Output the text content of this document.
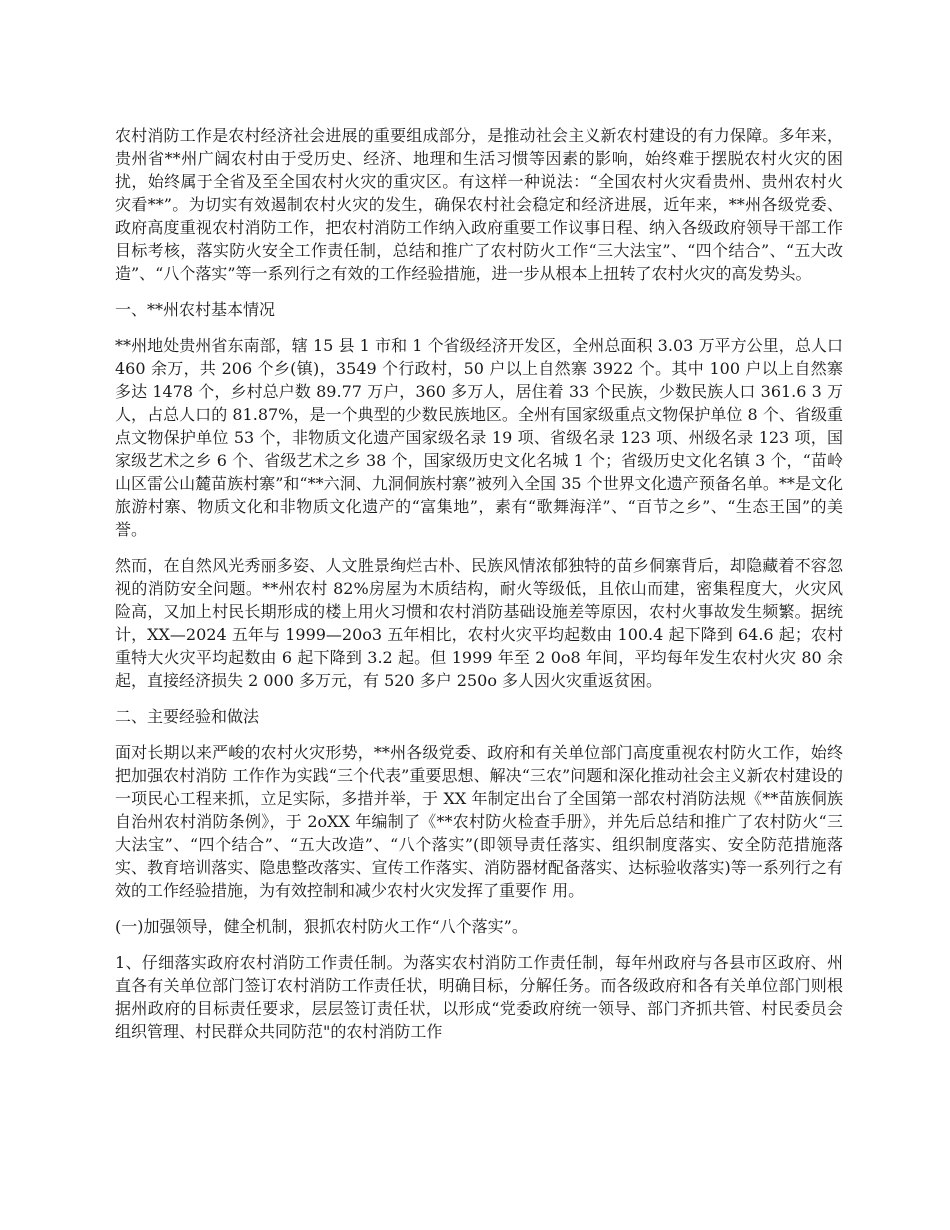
农村消防工作是农村经济社会进展的重要组成部分，是推动社会主义新农村建设的有力保障。多年来，贵州省**州广阔农村由于受历史、经济、地理和生活习惯等因素的影响，始终难于摆脱农村火灾的困扰，始终属于全省及至全国农村火灾的重灾区。有这样一种说法：“全国农村火灾看贵州、贵州农村火灾看**”。为切实有效遏制农村火灾的发生，确保农村社会稳定和经济进展，近年来，**州各级党委、政府高度重视农村消防工作，把农村消防工作纳入政府重要工作议事日程、纳入各级政府领导干部工作目标考核，落实防火安全工作责任制，总结和推广了农村防火工作“三大法宝”、“四个结合”、“五大改造”、“八个落实”等一系列行之有效的工作经验措施，进一步从根本上扭转了农村火灾的高发势头。

一、**州农村基本情况

**州地处贵州省东南部，辖 15 县 1 市和 1 个省级经济开发区，全州总面积 3.03 万平方公里，总人口 460 余万，共 206 个乡(镇)，3549 个行政村，50 户以上自然寨 3922 个。其中 100 户以上自然寨多达 1478 个，乡村总户数 89.77 万户，360 多万人，居住着 33 个民族，少数民族人口 361.6 3 万人，占总人口的 81.87%，是一个典型的少数民族地区。全州有国家级重点文物保护单位 8 个、省级重点文物保护单位 53 个，非物质文化遗产国家级名录 19 项、省级名录 123 项、州级名录 123 项，国家级艺术之乡 6 个、省级艺术之乡 38 个，国家级历史文化名城 1 个；省级历史文化名镇 3 个，“苗岭山区雷公山麓苗族村寨”和“**六洞、九洞侗族村寨”被列入全国 35 个世界文化遗产预备名单。**是文化旅游村寨、物质文化和非物质文化遗产的“富集地”，素有“歌舞海洋”、“百节之乡”、“生态王国”的美誉。

然而，在自然风光秀丽多姿、人文胜景绚烂古朴、民族风情浓郁独特的苗乡侗寨背后，却隐藏着不容忽视的消防安全问题。**州农村 82%房屋为木质结构，耐火等级低，且依山而建，密集程度大，火灾风险高，又加上村民长期形成的楼上用火习惯和农村消防基础设施差等原因，农村火事故发生频繁。据统计，XX—2024 五年与 1999—20o3 五年相比，农村火灾平均起数由 100.4 起下降到 64.6 起；农村重特大火灾平均起数由 6 起下降到 3.2 起。但 1999 年至 2 0o8 年间，平均每年发生农村火灾 80 余起，直接经济损失 2 000 多万元，有 520 多户 250o 多人因火灾重返贫困。

二、主要经验和做法

面对长期以来严峻的农村火灾形势，**州各级党委、政府和有关单位部门高度重视农村防火工作，始终把加强农村消防 工作作为实践“三个代表”重要思想、解决“三农”问题和深化推动社会主义新农村建设的一项民心工程来抓，立足实际，多措并举，于 XX 年制定出台了全国第一部农村消防法规《**苗族侗族自治州农村消防条例》，于 2oXX 年编制了《**农村防火检查手册》，并先后总结和推广了农村防火“三大法宝”、“四个结合”、“五大改造”、“八个落实”(即领导责任落实、组织制度落实、安全防范措施落实、教育培训落实、隐患整改落实、宣传工作落实、消防器材配备落实、达标验收落实)等一系列行之有效的工作经验措施，为有效控制和减少农村火灾发挥了重要作 用。

(一)加强领导，健全机制，狠抓农村防火工作“八个落实”。

1、仔细落实政府农村消防工作责任制。为落实农村消防工作责任制，每年州政府与各县市区政府、州直各有关单位部门签订农村消防工作责任状，明确目标，分解任务。而各级政府和各有关单位部门则根据州政府的目标责任要求，层层签订责任状，以形成“党委政府统一领导、部门齐抓共管、村民委员会组织管理、村民群众共同防范"的农村消防工作
